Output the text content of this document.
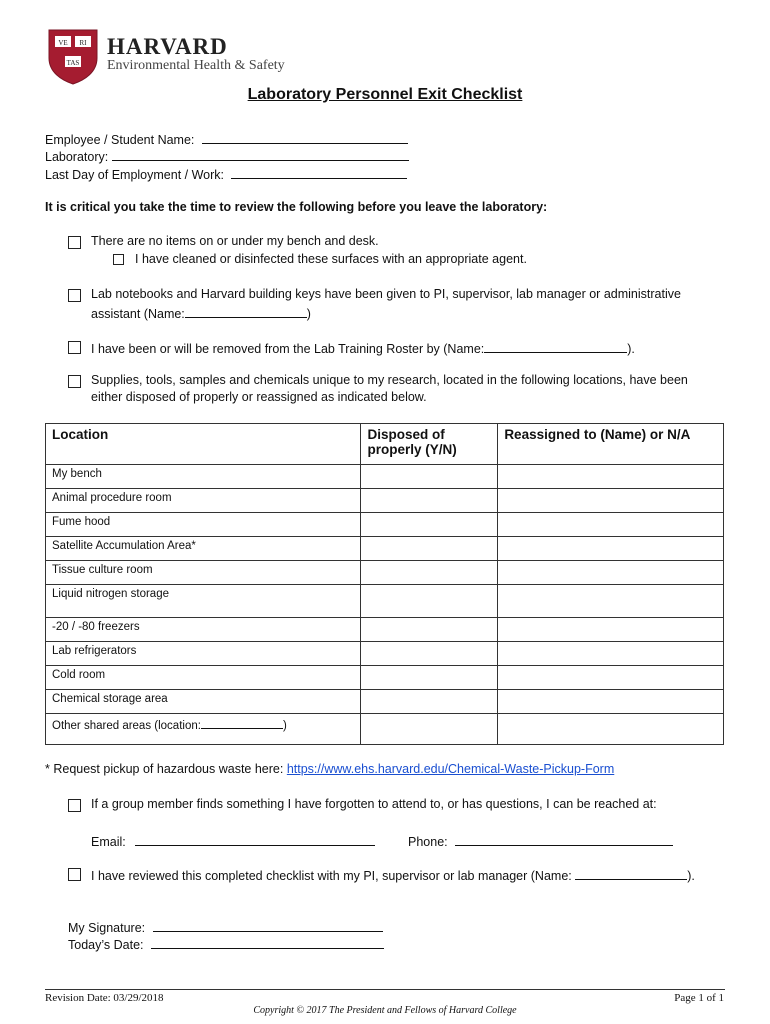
VE RI
TAS
HARVARD
Environmental Health & Safety
Laboratory Personnel Exit Checklist
Employee / Student Name:
Laboratory:
Last Day of Employment / Work:
It is critical you take the time to review the following before you leave the laboratory:
There are no items on or under my bench and desk.
I have cleaned or disinfected these surfaces with an appropriate agent.
Lab notebooks and Harvard building keys have been given to PI, supervisor, lab manager or administrative
assistant (Name:	)
I have been or will be removed from the Lab Training Roster by (Name:	).
Supplies, tools, samples and chemicals unique to my research, located in the following locations, have been
either disposed of properly or reassigned as indicated below.
Location	Disposed of properly (Y/N)	Reassigned to (Name) or N/A
My bench		
Animal procedure room		
Fume hood		
Satellite Accumulation Area*		
Tissue culture room		
Liquid nitrogen storage		
-20 / -80 freezers		
Lab refrigerators		
Cold room		
Chemical storage area		
Other shared areas (location: )		
* Request pickup of hazardous waste here: https://www.ehs.harvard.edu/Chemical-Waste-Pickup-Form
If a group member finds something I have forgotten to attend to, or has questions, I can be reached at:
Email:	Phone:
I have reviewed this completed checklist with my PI, supervisor or lab manager (Name:	).
My Signature:
Today’s Date:
Revision Date: 03/29/2018	Page 1 of 1
Copyright © 2017 The President and Fellows of Harvard College
